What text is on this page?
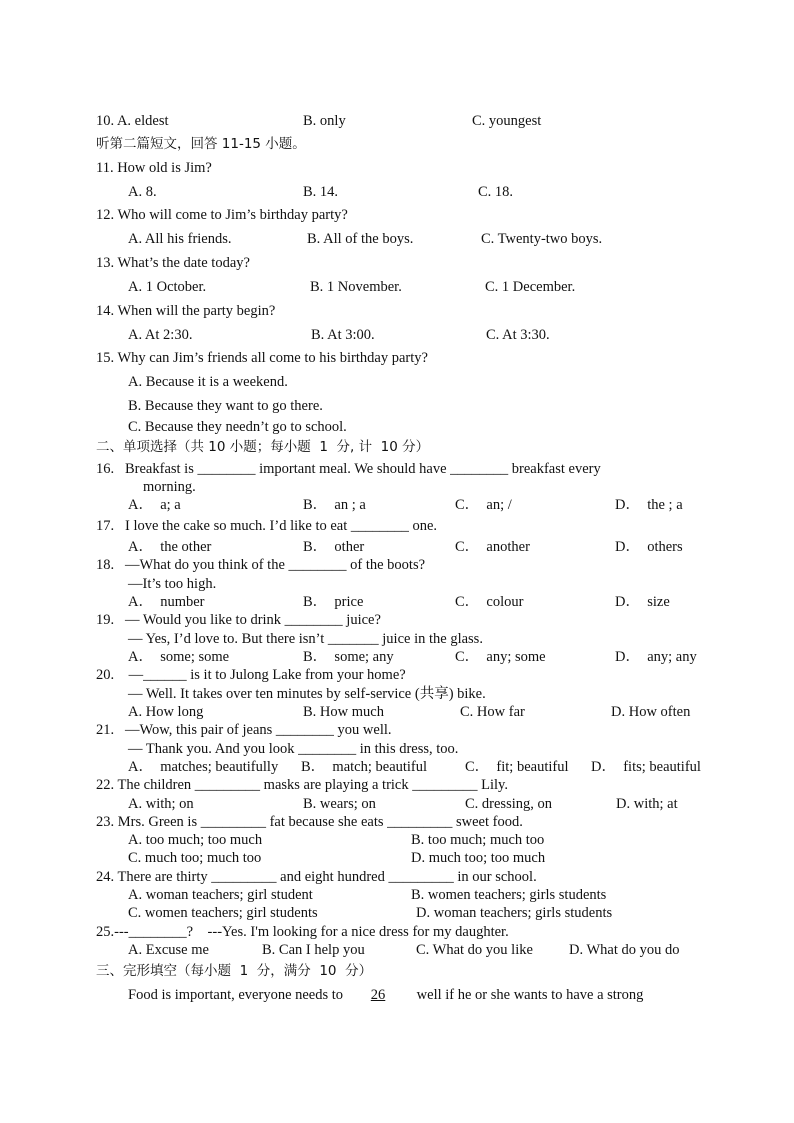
10. A. eldest	B. only	C. youngest
听第二篇短文，回答 11-15 小题。
11. How old is Jim?
A. 8.	B. 14.	C. 18.
12. Who will come to Jim’s birthday party?
A. All his friends.	B. All of the boys.	C. Twenty-two boys.
13. What’s the date today?
A. 1 October.	B. 1 November.	C. 1 December.
14. When will the party begin?
A. At 2:30.	B. At 3:00.	C. At 3:30.
15. Why can Jim’s friends all come to his birthday party?
A. Because it is a weekend.
B. Because they want to go there.
C. Because they needn’t go to school.
二、单项选择（共 10 小题；每小题  1  分, 计  10 分）
16.   Breakfast is ________ important meal. We should have ________ breakfast every
morning.
A．  a; a	B．  an ; a	C．  an; /	D．  the ; a
17.   I love the cake so much. I’d like to eat ________ one.
A．  the other	B．  other	C．  another	D．  others
18.   —What do you think of the ________ of the boots?
—It’s too high.
A．  number	B．  price	C．  colour	D．  size
19.   — Would you like to drink ________ juice?
— Yes, I’d love to. But there isn’t _______ juice in the glass.
A．  some; some	B．  some; any	C．  any; some	D．  any; any
20.    —______ is it to Julong Lake from your home?
— Well. It takes over ten minutes by self-service (共享) bike.
A. How long	B. How much	C. How far	D. How often
21.   —Wow, this pair of jeans ________ you well.
— Thank you. And you look ________ in this dress, too.
A．  matches; beautifully B．  match; beautiful	C．  fit; beautiful D．  fits; beautiful
22. The children _________ masks are playing a trick _________ Lily.
A. with; on	B. wears; on	C. dressing, on	D. with; at
23. Mrs. Green is _________ fat because she eats _________ sweet food.
A. too much; too much	B. too much; much too
C. much too; much too	D. much too; too much
24. There are thirty _________ and eight hundred _________ in our school.
A. woman teachers; girl student	B. women teachers; girls students
C. women teachers; girl students	D. woman teachers; girls students
25.---________?    ---Yes. I'm looking for a nice dress for my daughter.
A. Excuse me	B. Can I help you	C. What do you like D. What do you do
三、完形填空（每小题  1  分，满分  10  分）
Food is important, everyone needs to 26 well if he or she wants to have a strong
